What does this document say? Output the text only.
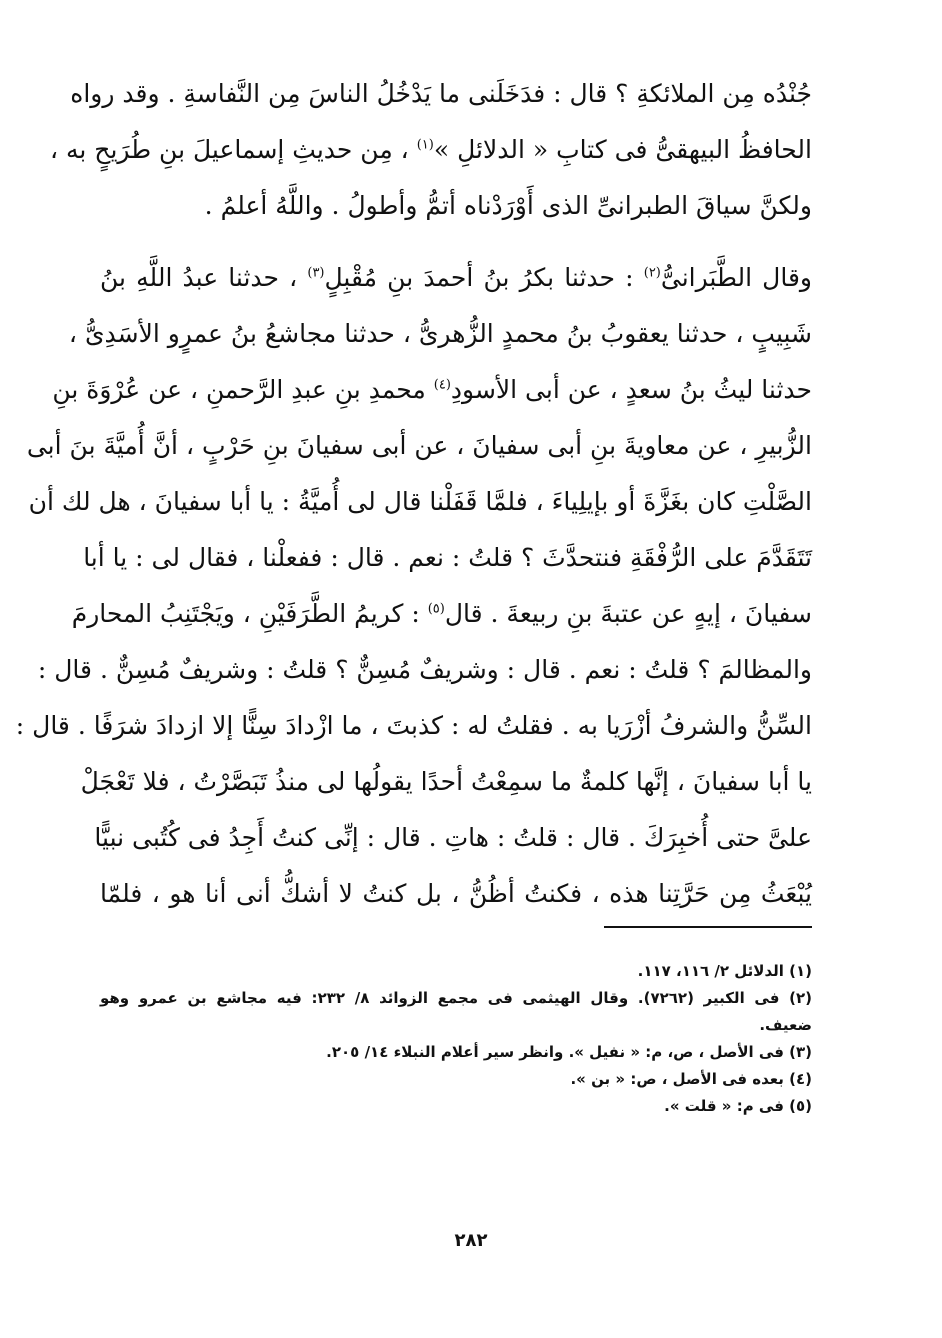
جُنْدُه مِن الملائكةِ ؟ قال : فدَخَلَنى ما يَدْخُلُ الناسَ مِن النَّفاسةِ . وقد رواه
الحافظُ البيهقىُّ فى كتابِ « الدلائلِ »$^{(١)}$ ، مِن حديثِ إسماعيلَ بنِ طُرَيحٍ به ،
ولكنَّ سياقَ الطبرانىِّ الذى أَوْرَدْناه أتمُّ وأطولُ . واللَّهُ أعلمُ .
وقال الطَّبَرانىُّ$^{(٢)}$ : حدثنا بكرُ بنُ أحمدَ بنِ مُقْبِلٍ$^{(٣)}$ ، حدثنا عبدُ اللَّهِ بنُ
شَبِيبٍ ، حدثنا يعقوبُ بنُ محمدٍ الزُّهرىُّ ، حدثنا مجاشعُ بنُ عمرٍو الأسَدِىُّ ،
حدثنا ليثُ بنُ سعدٍ ، عن أبى الأسودِ$^{(٤)}$ محمدِ بنِ عبدِ الرَّحمنِ ، عن عُرْوَةَ بنِ
الزُّبيرِ ، عن معاويةَ بنِ أبى سفيانَ ، عن أبى سفيانَ بنِ حَرْبٍ ، أنَّ أُميَّةَ بنَ أبى
الصَّلْتِ كان بغَزَّةَ أو بإيلِياءَ ، فلمَّا قَفَلْنا قال لى أُميَّةُ : يا أبا سفيانَ ، هل لك أن
تَتَقَدَّمَ على الرُّفْقَةِ فنتحدَّثَ ؟ قلتُ : نعم . قال : ففعلْنا ، فقال لى : يا أبا
سفيانَ ، إيهٍ عن عتبةَ بنِ ربيعةَ . قال$^{(٥)}$ : كريمُ الطَّرَفَيْنِ ، ويَجْتَنِبُ المحارمَ
والمظالمَ ؟ قلتُ : نعم . قال : وشريفٌ مُسِنٌّ ؟ قلتُ : وشريفٌ مُسِنٌّ . قال :
السِّنُّ والشرفُ أزْرَيا به . فقلتُ له : كذبتَ ، ما ازْدادَ سِنًّا إلا ازدادَ شرَفًا . قال :
يا أبا سفيانَ ، إنَّها كلمةٌ ما سمِعْتُ أحدًا يقولُها لى منذُ تَبَصَّرْتُ ، فلا تَعْجَلْ
علىَّ حتى أُخبِرَكَ . قال : قلتُ : هاتِ . قال : إنِّى كنتُ أَجِدُ فى كُتُبى نبيًّا
يُبْعَثُ مِن حَرَّتِنا هذه ، فكنتُ أظُنُّ ، بل كنتُ لا أشكُّ أنى أنا هو ، فلمّا
(١) الدلائل ٢/ ١١٦، ١١٧.
(٢) فى الكبير (٧٢٦٢). وقال الهيثمى فى مجمع الزوائد ٨/ ٢٣٢: فيه مجاشع بن عمرو وهو
ضعيف.
(٣) فى الأصل ، ص، م: « نفيل ». وانظر سير أعلام النبلاء ١٤/ ٢٠٥.
(٤) بعده فى الأصل ، ص: « بن ».
(٥) فى م: « قلت ».
٢٨٢
